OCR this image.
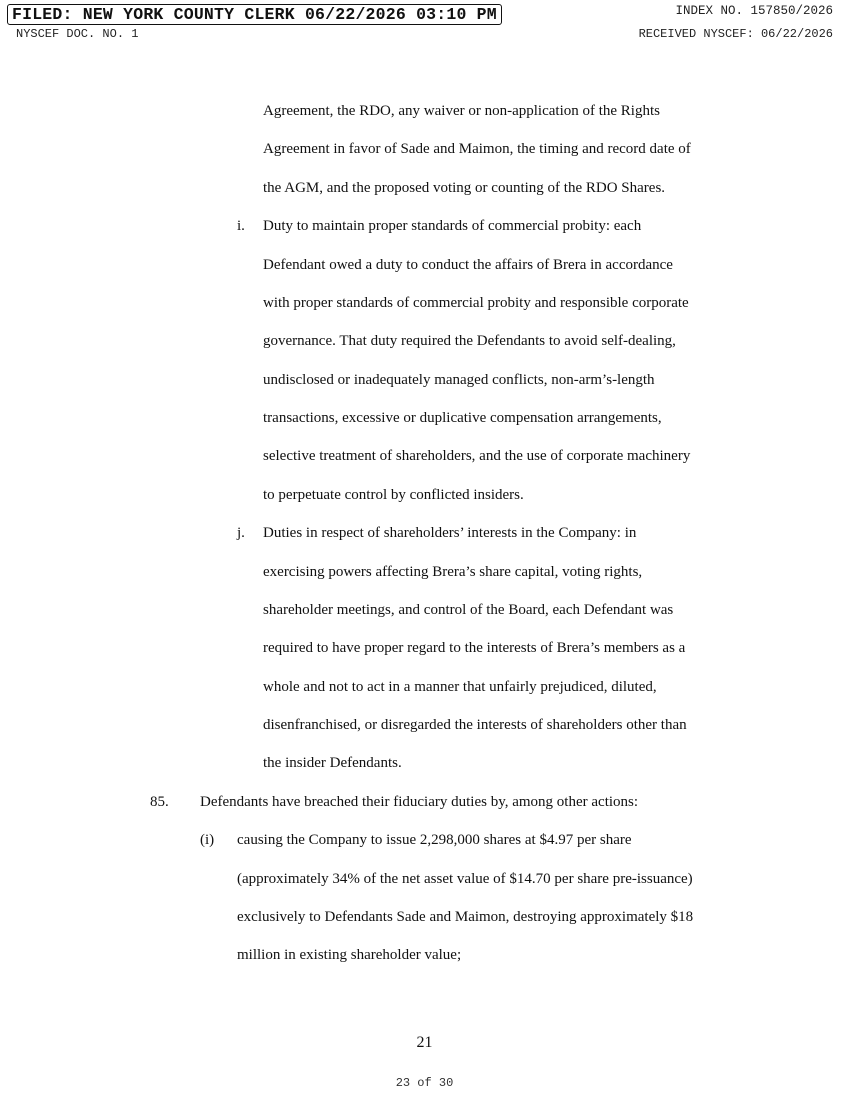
FILED: NEW YORK COUNTY CLERK 06/22/2026 03:10 PM
NYSCEF DOC. NO. 1
INDEX NO. 157850/2026
RECEIVED NYSCEF: 06/22/2026
Agreement, the RDO, any waiver or non-application of the Rights
Agreement in favor of Sade and Maimon, the timing and record date of
the AGM, and the proposed voting or counting of the RDO Shares.
i. Duty to maintain proper standards of commercial probity: each
Defendant owed a duty to conduct the affairs of Brera in accordance
with proper standards of commercial probity and responsible corporate
governance. That duty required the Defendants to avoid self-dealing,
undisclosed or inadequately managed conflicts, non-arm’s-length
transactions, excessive or duplicative compensation arrangements,
selective treatment of shareholders, and the use of corporate machinery
to perpetuate control by conflicted insiders.
j. Duties in respect of shareholders’ interests in the Company: in
exercising powers affecting Brera’s share capital, voting rights,
shareholder meetings, and control of the Board, each Defendant was
required to have proper regard to the interests of Brera’s members as a
whole and not to act in a manner that unfairly prejudiced, diluted,
disenfranchised, or disregarded the interests of shareholders other than
the insider Defendants.
85. Defendants have breached their fiduciary duties by, among other actions:
(i) causing the Company to issue 2,298,000 shares at $4.97 per share
(approximately 34% of the net asset value of $14.70 per share pre-issuance)
exclusively to Defendants Sade and Maimon, destroying approximately $18
million in existing shareholder value;
21
23 of 30
